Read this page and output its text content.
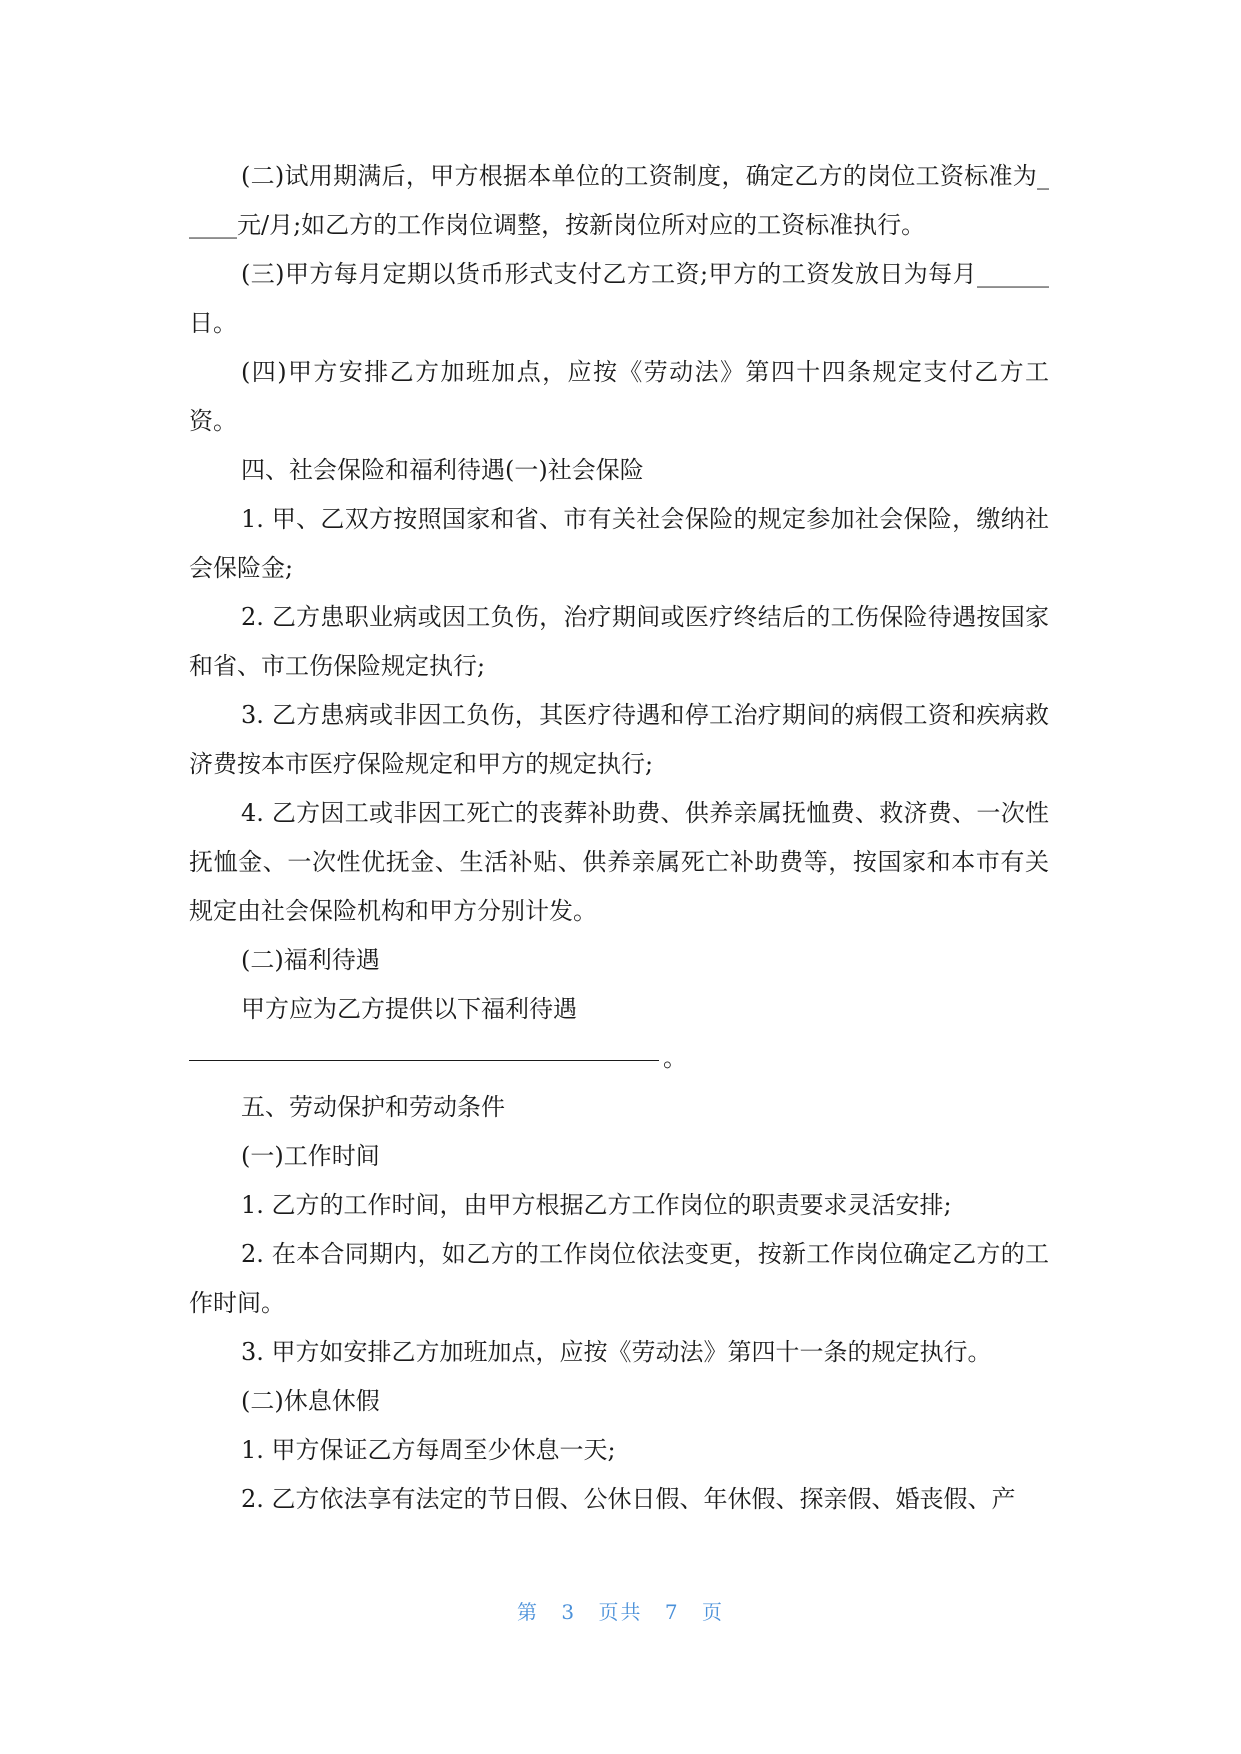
(二)试用期满后，甲方根据本单位的工资制度，确定乙方的岗位工资标准为_____元/月;如乙方的工作岗位调整，按新岗位所对应的工资标准执行。

(三)甲方每月定期以货币形式支付乙方工资;甲方的工资发放日为每月______日。

(四)甲方安排乙方加班加点，应按《劳动法》第四十四条规定支付乙方工资。

四、社会保险和福利待遇(一)社会保险

1. 甲、乙双方按照国家和省、市有关社会保险的规定参加社会保险，缴纳社会保险金;

2. 乙方患职业病或因工负伤，治疗期间或医疗终结后的工伤保险待遇按国家和省、市工伤保险规定执行;

3. 乙方患病或非因工负伤，其医疗待遇和停工治疗期间的病假工资和疾病救济费按本市医疗保险规定和甲方的规定执行;

4. 乙方因工或非因工死亡的丧葬补助费、供养亲属抚恤费、救济费、一次性抚恤金、一次性优抚金、生活补贴、供养亲属死亡补助费等，按国家和本市有关规定由社会保险机构和甲方分别计发。

(二)福利待遇

甲方应为乙方提供以下福利待遇

。

五、劳动保护和劳动条件

(一)工作时间

1. 乙方的工作时间，由甲方根据乙方工作岗位的职责要求灵活安排;

2. 在本合同期内，如乙方的工作岗位依法变更，按新工作岗位确定乙方的工作时间。

3. 甲方如安排乙方加班加点，应按《劳动法》第四十一条的规定执行。

(二)休息休假

1. 甲方保证乙方每周至少休息一天;

2. 乙方依法享有法定的节日假、公休日假、年休假、探亲假、婚丧假、产

第 3 页共 7 页
